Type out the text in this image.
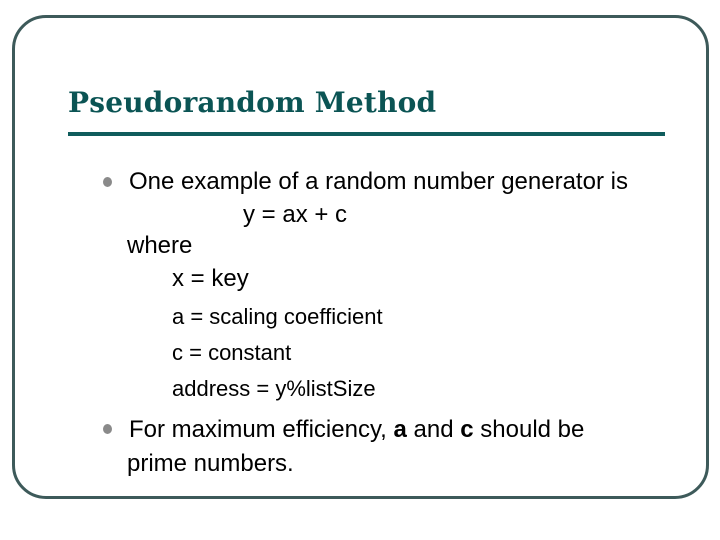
Pseudorandom Method
One example of a random number generator is
y = ax + c
where
x = key
a = scaling coefficient
c = constant
address = y%listSize
For maximum efficiency, a and c should be
prime numbers.
